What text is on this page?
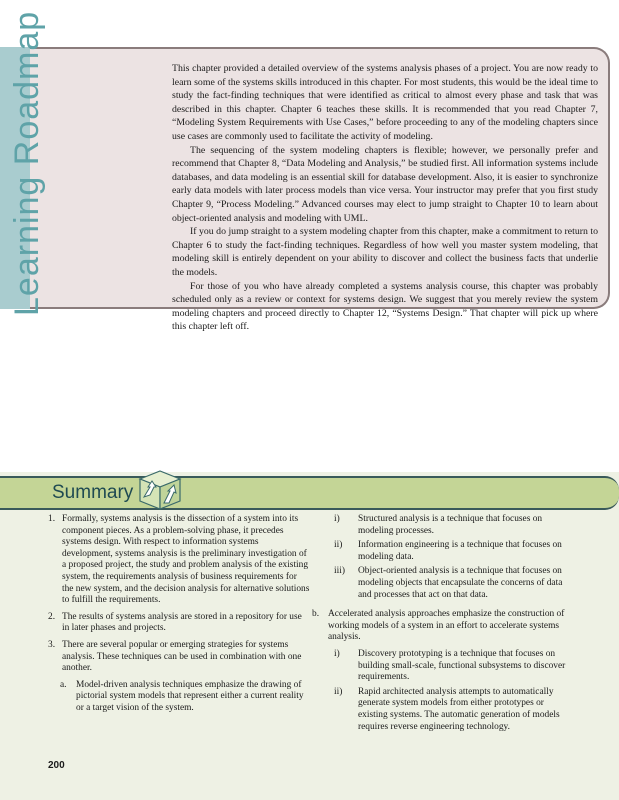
Learning Roadmap	This chapter provided a detailed overview of the systems analysis phases of a project. You are now ready to learn some of the systems skills introduced in this chapter. For most students, this would be the ideal time to study the fact-finding techniques that were identified as critical to almost every phase and task that was described in this chapter. Chapter 6 teaches these skills. It is recommended that you read Chapter 7, “Modeling System Requirements with Use Cases,” before proceeding to any of the modeling chapters since use cases are commonly used to facilitate the activity of modeling.

The sequencing of the system modeling chapters is flexible; however, we personally prefer and recommend that Chapter 8, “Data Modeling and Analysis,” be studied first. All information systems include databases, and data modeling is an essential skill for database development. Also, it is easier to synchronize early data models with later process models than vice versa. Your instructor may prefer that you first study Chapter 9, “Process Modeling.” Advanced courses may elect to jump straight to Chapter 10 to learn about object-oriented analysis and modeling with UML.

If you do jump straight to a system modeling chapter from this chapter, make a commitment to return to Chapter 6 to study the fact-finding techniques. Regardless of how well you master system modeling, that modeling skill is entirely dependent on your ability to discover and collect the business facts that underlie the models.

For those of you who have already completed a systems analysis course, this chapter was probably scheduled only as a review or context for systems design. We suggest that you merely review the system modeling chapters and proceed directly to Chapter 12, “Systems Design.” That chapter will pick up where this chapter left off.

Summary
1. Formally, systems analysis is the dissection of a system into its component pieces. As a problem-solving phase, it precedes systems design. With respect to information systems development, systems analysis is the preliminary investigation of a proposed project, the study and problem analysis of the existing system, the requirements analysis of business requirements for the new system, and the decision analysis for alternative solutions to fulfill the requirements.
2. The results of systems analysis are stored in a repository for use in later phases and projects.
3. There are several popular or emerging strategies for systems analysis. These techniques can be used in combination with one another.
a. Model-driven analysis techniques emphasize the drawing of pictorial system models that represent either a current reality or a target vision of the system.
i) Structured analysis is a technique that focuses on modeling processes.
ii) Information engineering is a technique that focuses on modeling data.
iii) Object-oriented analysis is a technique that focuses on modeling objects that encapsulate the concerns of data and processes that act on that data.
b. Accelerated analysis approaches emphasize the construction of working models of a system in an effort to accelerate systems analysis.
i) Discovery prototyping is a technique that focuses on building small-scale, functional subsystems to discover requirements.
ii) Rapid architected analysis attempts to automatically generate system models from either prototypes or existing systems. The automatic generation of models requires reverse engineering technology.
200
